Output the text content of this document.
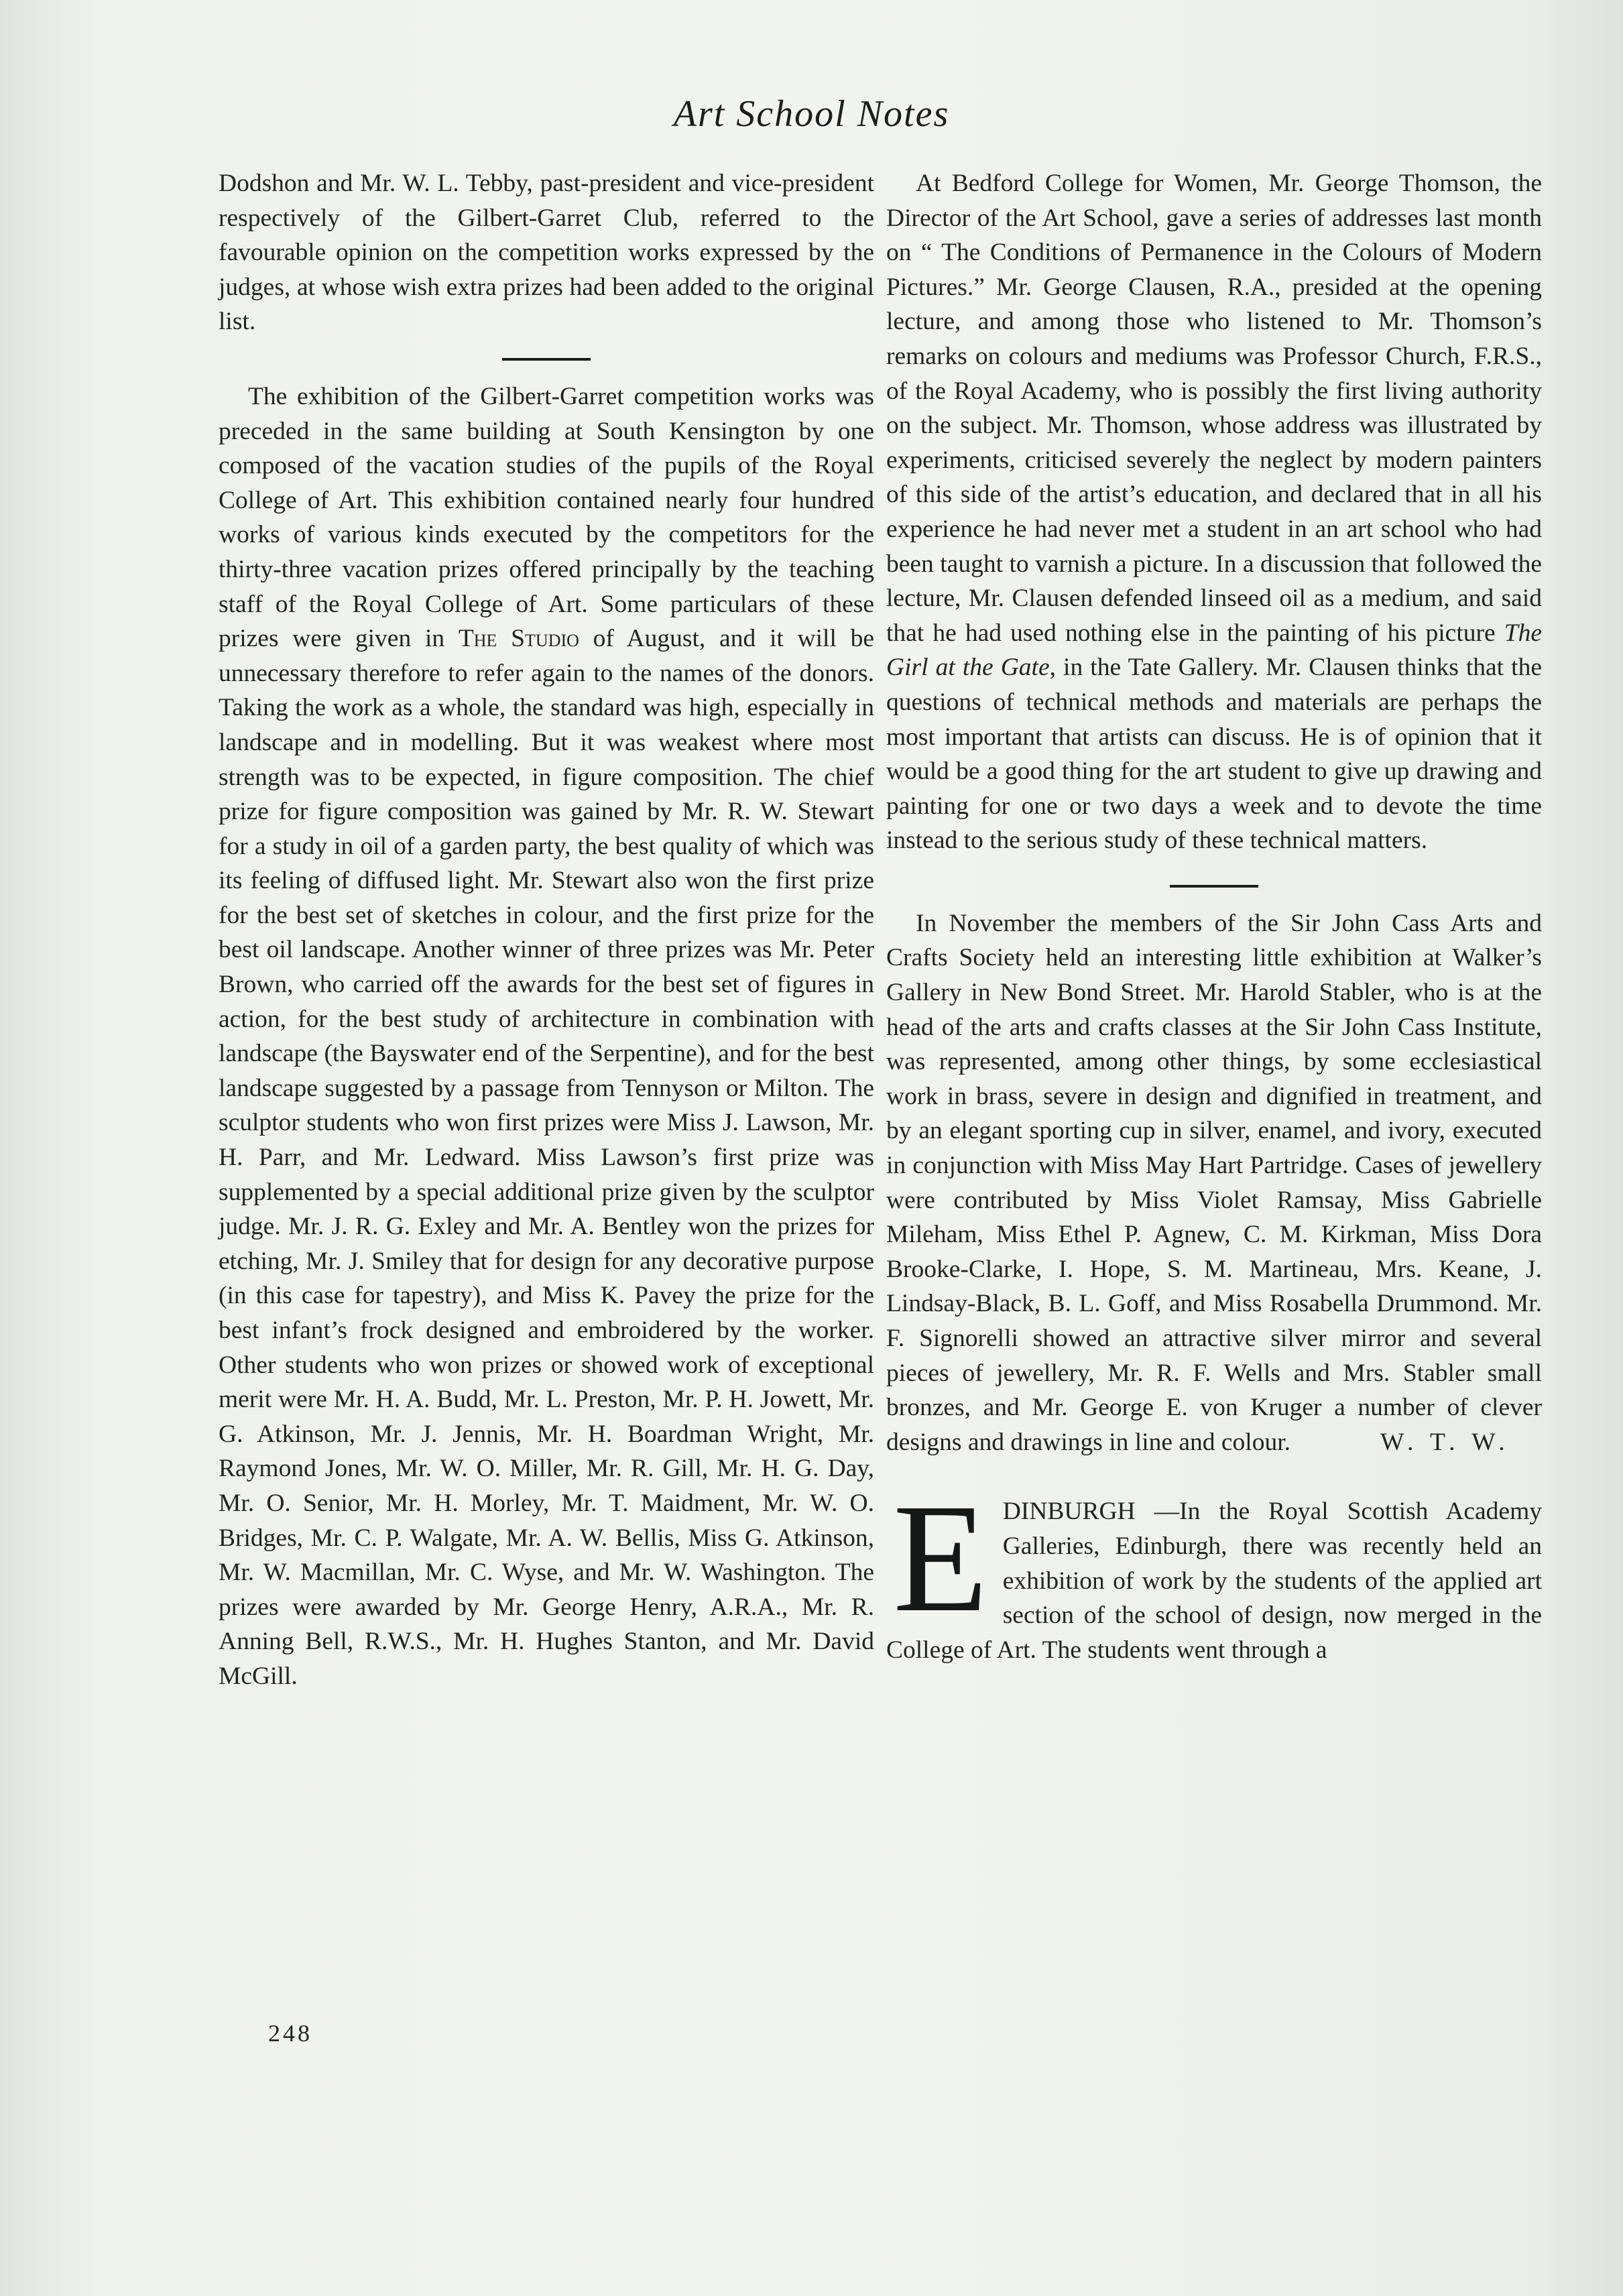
Art School Notes

Dodshon and Mr. W. L. Tebby, past-president and vice-president respectively of the Gilbert-Garret Club, referred to the favourable opinion on the competition works expressed by the judges, at whose wish extra prizes had been added to the original list.

The exhibition of the Gilbert-Garret competition works was preceded in the same building at South Kensington by one composed of the vacation studies of the pupils of the Royal College of Art. This exhibition contained nearly four hundred works of various kinds executed by the competitors for the thirty-three vacation prizes offered principally by the teaching staff of the Royal College of Art. Some particulars of these prizes were given in The Studio of August, and it will be unnecessary therefore to refer again to the names of the donors. Taking the work as a whole, the standard was high, especially in landscape and in modelling. But it was weakest where most strength was to be expected, in figure composition. The chief prize for figure composition was gained by Mr. R. W. Stewart for a study in oil of a garden party, the best quality of which was its feeling of diffused light. Mr. Stewart also won the first prize for the best set of sketches in colour, and the first prize for the best oil landscape. Another winner of three prizes was Mr. Peter Brown, who carried off the awards for the best set of figures in action, for the best study of architecture in combination with landscape (the Bayswater end of the Serpentine), and for the best landscape suggested by a passage from Tennyson or Milton. The sculptor students who won first prizes were Miss J. Lawson, Mr. H. Parr, and Mr. Ledward. Miss Lawson’s first prize was supplemented by a special additional prize given by the sculptor judge. Mr. J. R. G. Exley and Mr. A. Bentley won the prizes for etching, Mr. J. Smiley that for design for any decorative purpose (in this case for tapestry), and Miss K. Pavey the prize for the best infant’s frock designed and embroidered by the worker. Other students who won prizes or showed work of exceptional merit were Mr. H. A. Budd, Mr. L. Preston, Mr. P. H. Jowett, Mr. G. Atkinson, Mr. J. Jennis, Mr. H. Boardman Wright, Mr. Raymond Jones, Mr. W. O. Miller, Mr. R. Gill, Mr. H. G. Day, Mr. O. Senior, Mr. H. Morley, Mr. T. Maidment, Mr. W. O. Bridges, Mr. C. P. Walgate, Mr. A. W. Bellis, Miss G. Atkinson, Mr. W. Macmillan, Mr. C. Wyse, and Mr. W. Washington. The prizes were awarded by Mr. George Henry, A.R.A., Mr. R. Anning Bell, R.W.S., Mr. H. Hughes Stanton, and Mr. David McGill.

At Bedford College for Women, Mr. George Thomson, the Director of the Art School, gave a series of addresses last month on “ The Conditions of Permanence in the Colours of Modern Pictures.” Mr. George Clausen, R.A., presided at the opening lecture, and among those who listened to Mr. Thomson’s remarks on colours and mediums was Professor Church, F.R.S., of the Royal Academy, who is possibly the first living authority on the subject. Mr. Thomson, whose address was illustrated by experiments, criticised severely the neglect by modern painters of this side of the artist’s education, and declared that in all his experience he had never met a student in an art school who had been taught to varnish a picture. In a discussion that followed the lecture, Mr. Clausen defended linseed oil as a medium, and said that he had used nothing else in the painting of his picture The Girl at the Gate, in the Tate Gallery. Mr. Clausen thinks that the questions of technical methods and materials are perhaps the most important that artists can discuss. He is of opinion that it would be a good thing for the art student to give up drawing and painting for one or two days a week and to devote the time instead to the serious study of these technical matters.

In November the members of the Sir John Cass Arts and Crafts Society held an interesting little exhibition at Walker’s Gallery in New Bond Street. Mr. Harold Stabler, who is at the head of the arts and crafts classes at the Sir John Cass Institute, was represented, among other things, by some ecclesiastical work in brass, severe in design and dignified in treatment, and by an elegant sporting cup in silver, enamel, and ivory, executed in conjunction with Miss May Hart Partridge. Cases of jewellery were contributed by Miss Violet Ramsay, Miss Gabrielle Mileham, Miss Ethel P. Agnew, C. M. Kirkman, Miss Dora Brooke-Clarke, I. Hope, S. M. Martineau, Mrs. Keane, J. Lindsay-Black, B. L. Goff, and Miss Rosabella Drummond. Mr. F. Signorelli showed an attractive silver mirror and several pieces of jewellery, Mr. R. F. Wells and Mrs. Stabler small bronzes, and Mr. George E. von Kruger a number of clever designs and drawings in line and colour.	W. T. W.

E DINBURGH —In the Royal Scottish Academy Galleries, Edinburgh, there was recently held an exhibition of work by the students of the applied art section of the school of design, now merged in the College of Art. The students went through a

248
